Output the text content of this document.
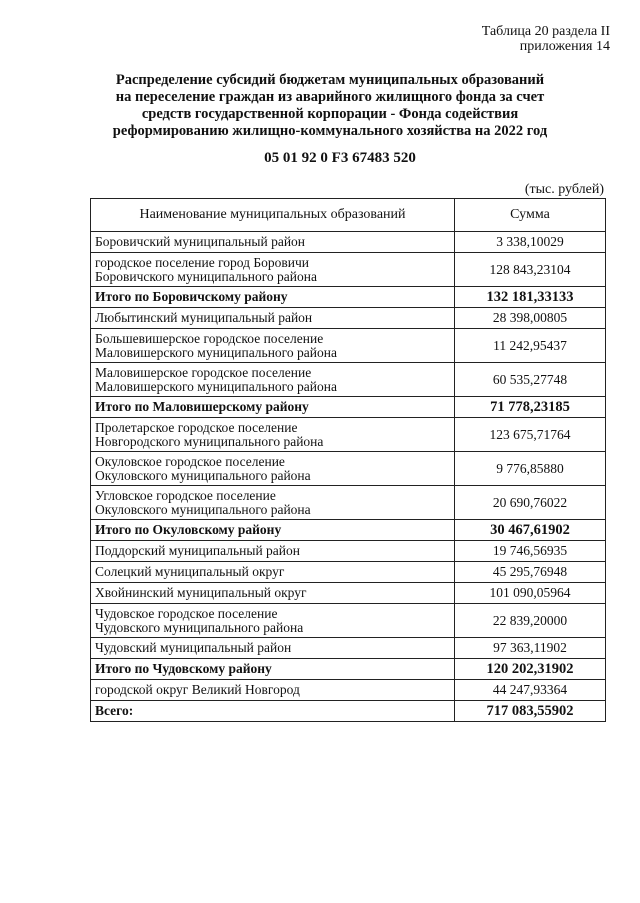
Таблица 20 раздела II
приложения 14
Распределение субсидий бюджетам муниципальных образований
на переселение граждан из аварийного жилищного фонда за счет
средств государственной корпорации - Фонда содействия
реформированию жилищно-коммунального хозяйства на 2022 год
05 01 92 0 F3 67483 520
(тыс. рублей)
Наименование муниципальных образований	Сумма

Боровичский муниципальный район	3 338,10029

городское поселение город Боровичи
Боровичского муниципального района	128 843,23104

Итого по Боровичскому району	132 181,33133

Любытинский муниципальный район	28 398,00805

Большевишерское городское поселение
Маловишерского муниципального района	11 242,95437

Маловишерское городское поселение
Маловишерского муниципального района	60 535,27748

Итого по Маловишерскому району	71 778,23185

Пролетарское городское поселение
Новгородского муниципального района	123 675,71764

Окуловское городское поселение
Окуловского муниципального района	9 776,85880

Угловское городское поселение
Окуловского муниципального района	20 690,76022

Итого по Окуловскому району	30 467,61902

Поддорский муниципальный район	19 746,56935

Солецкий муниципальный округ	45 295,76948

Хвойнинский муниципальный округ	101 090,05964

Чудовское городское поселение
Чудовского муниципального района	22 839,20000

Чудовский муниципальный район	97 363,11902

Итого по Чудовскому району	120 202,31902

городской округ Великий Новгород	44 247,93364

Всего:	717 083,55902
